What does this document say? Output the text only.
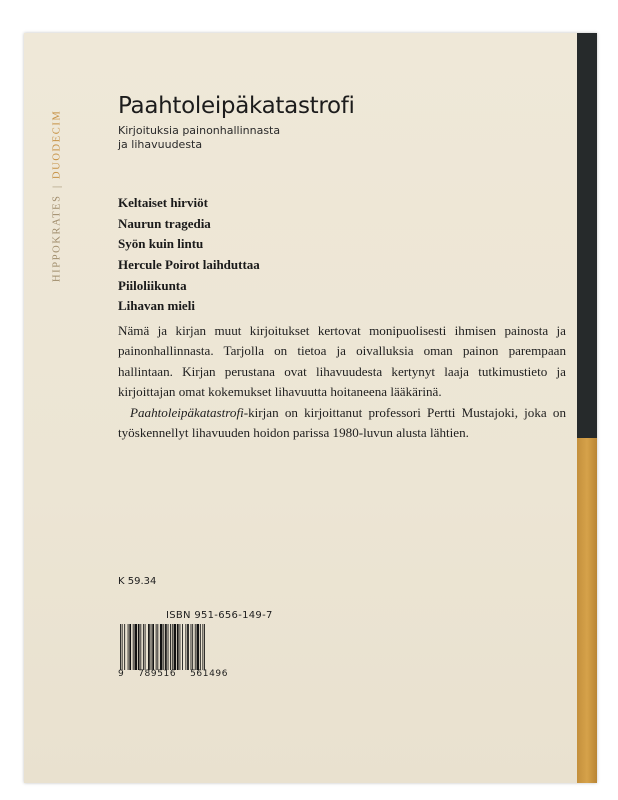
HIPPOKRATES
|
DUODECIM
Paahtoleipäkatastrofi
Kirjoituksia painonhallinnasta
ja lihavuudesta
Keltaiset hirviöt
Naurun tragedia
Syön kuin lintu
Hercule Poirot laihduttaa
Piiloliikunta
Lihavan mieli

Nämä ja kirjan muut kirjoitukset kertovat monipuolisesti ihmisen painosta ja painonhallinnasta. Tarjolla on tietoa ja oivalluksia oman painon parempaan hallintaan. Kirjan perustana ovat lihavuudesta kertynyt laaja tutkimustieto ja kirjoittajan omat kokemukset lihavuutta hoitaneena lääkärinä.

Paahtoleipäkatastrofi-kirjan on kirjoittanut professori Pertti Mustajoki, joka on työskennellyt lihavuuden hoidon parissa 1980-luvun alusta lähtien.

K 59.34
ISBN 951-656-149-7
9 789516 561496
